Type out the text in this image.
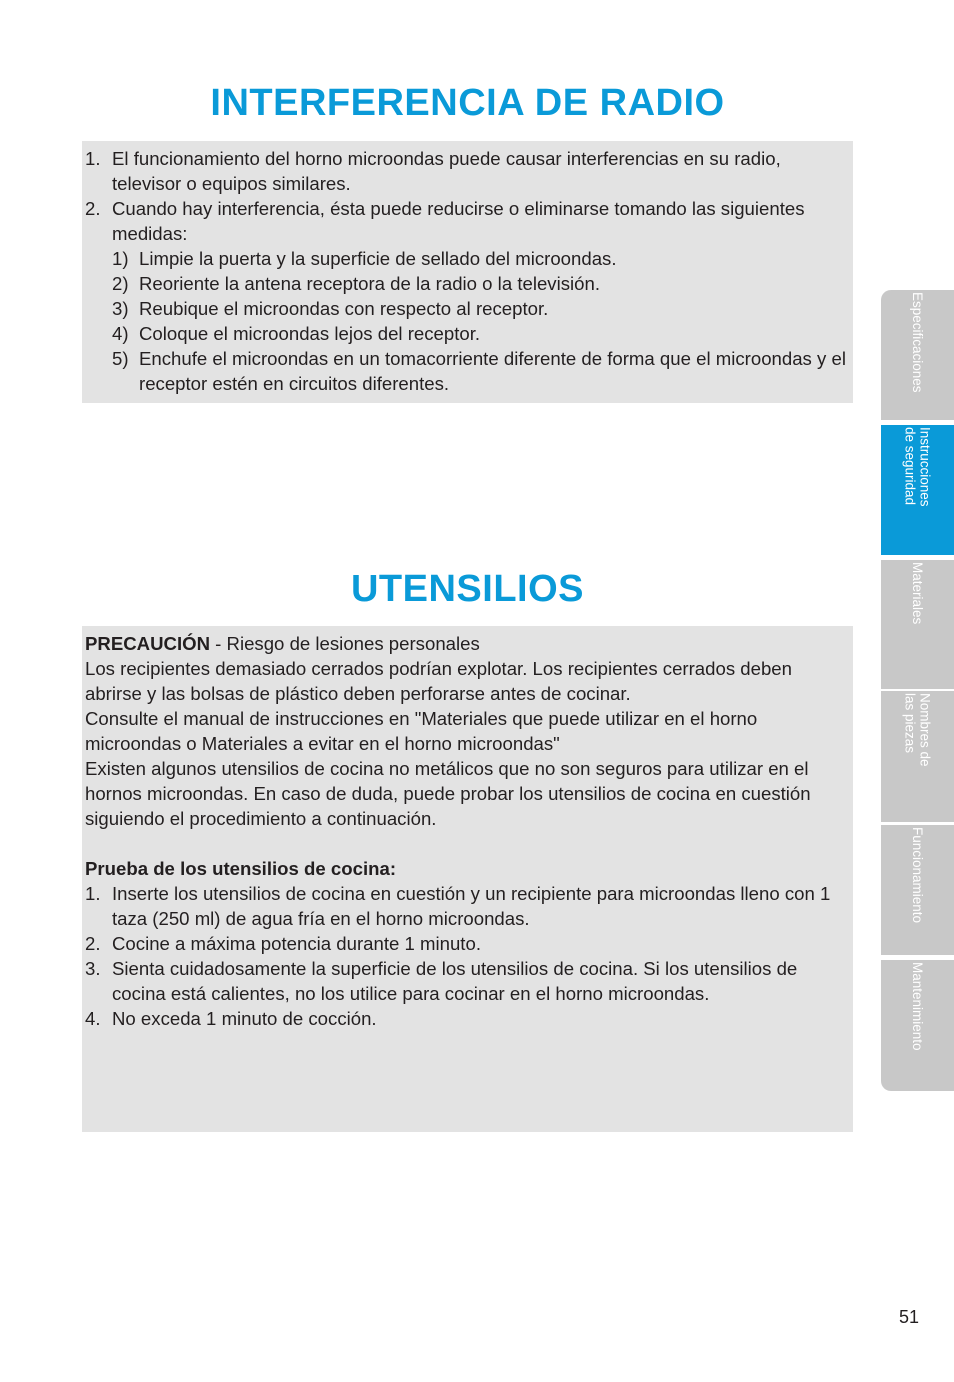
INTERFERENCIA DE RADIO
1. El funcionamiento del horno microondas puede causar interferencias en su radio, televisor o equipos similares.
2. Cuando hay interferencia, ésta puede reducirse o eliminarse tomando las siguientes medidas:
1) Limpie la puerta y la superficie de sellado del microondas.
2) Reoriente la antena receptora de la radio o la televisión.
3) Reubique el microondas con respecto al receptor.
4) Coloque el microondas lejos del receptor.
5) Enchufe el microondas en un tomacorriente diferente de forma que el microondas y el receptor estén en circuitos diferentes.
UTENSILIOS
PRECAUCIÓN - Riesgo de lesiones personales
Los recipientes demasiado cerrados podrían explotar. Los recipientes cerrados deben abrirse y las bolsas de plástico deben perforarse antes de cocinar.
Consulte el manual de instrucciones en "Materiales que puede utilizar en el horno microondas o Materiales a evitar en el horno microondas"
Existen algunos utensilios de cocina no metálicos que no son seguros para utilizar en el hornos microondas. En caso de duda, puede probar los utensilios de cocina en cuestión siguiendo el procedimiento a continuación.
Prueba de los utensilios de cocina:
1. Inserte los utensilios de cocina en cuestión y un recipiente para microondas lleno con 1 taza (250 ml) de agua fría en el horno microondas.
2. Cocine a máxima potencia durante 1 minuto.
3. Sienta cuidadosamente la superficie de los utensilios de cocina. Si los utensilios de cocina está calientes, no los utilice para cocinar en el horno microondas.
4. No exceda 1 minuto de cocción.
Especificaciones
Instrucciones
de seguridad
Materiales
Nombres de
las piezas
Funcionamiento
Mantenimiento
51
